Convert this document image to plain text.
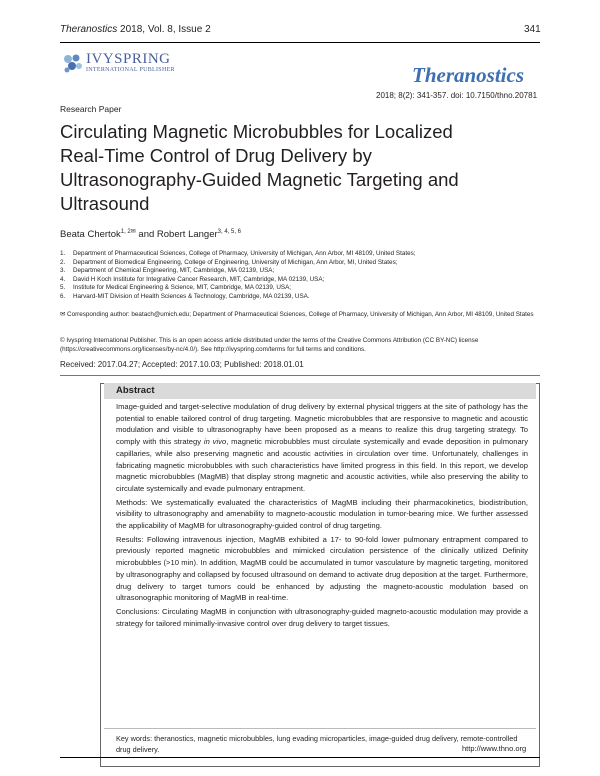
Theranostics 2018, Vol. 8, Issue 2	341
IVYSPRING
INTERNATIONAL PUBLISHER	Theranostics
2018; 8(2): 341-357. doi: 10.7150/thno.20781
Research Paper
Circulating Magnetic Microbubbles for Localized
Real-Time Control of Drug Delivery by
Ultrasonography-Guided Magnetic Targeting and
Ultrasound
Beata Chertok$^{1, 2✉}$ and Robert Langer$^{3, 4, 5, 6}$
1.	Department of Pharmaceutical Sciences, College of Pharmacy, University of Michigan, Ann Arbor, MI 48109, United States;
2.	Department of Biomedical Engineering, College of Engineering, University of Michigan, Ann Arbor, MI, United States;
3.	Department of Chemical Engineering, MIT, Cambridge, MA 02139, USA;
4.	David H Koch Institute for Integrative Cancer Research, MIT, Cambridge, MA 02139, USA;
5.	Institute for Medical Engineering & Science, MIT, Cambridge, MA 02139, USA;
6.	Harvard-MIT Division of Health Sciences & Technology, Cambridge, MA 02139, USA.
✉ Corresponding author: beatach@umich.edu; Department of Pharmaceutical Sciences, College of Pharmacy, University of Michigan, Ann Arbor, MI 48109, United States
© Ivyspring International Publisher. This is an open access article distributed under the terms of the Creative Commons Attribution (CC BY-NC) license (https://creativecommons.org/licenses/by-nc/4.0/). See http://ivyspring.com/terms for full terms and conditions.
Received: 2017.04.27; Accepted: 2017.10.03; Published: 2018.01.01
Abstract

Image-guided and target-selective modulation of drug delivery by external physical triggers at the site of pathology has the potential to enable tailored control of drug targeting. Magnetic microbubbles that are responsive to magnetic and acoustic modulation and visible to ultrasonography have been proposed as a means to realize this drug targeting strategy. To comply with this strategy in vivo, magnetic microbubbles must circulate systemically and evade deposition in pulmonary capillaries, while also preserving magnetic and acoustic activities in circulation over time. Unfortunately, challenges in fabricating magnetic microbubbles with such characteristics have limited progress in this field. In this report, we develop magnetic microbubbles (MagMB) that display strong magnetic and acoustic activities, while also preserving the ability to circulate systemically and evade pulmonary entrapment.

Methods: We systematically evaluated the characteristics of MagMB including their pharmacokinetics, biodistribution, visibility to ultrasonography and amenability to magneto-acoustic modulation in tumor-bearing mice. We further assessed the applicability of MagMB for ultrasonography-guided control of drug targeting.

Results: Following intravenous injection, MagMB exhibited a 17- to 90-fold lower pulmonary entrapment compared to previously reported magnetic microbubbles and mimicked circulation persistence of the clinically utilized Definity microbubbles (>10 min). In addition, MagMB could be accumulated in tumor vasculature by magnetic targeting, monitored by ultrasonography and collapsed by focused ultrasound on demand to activate drug deposition at the target. Furthermore, drug delivery to target tumors could be enhanced by adjusting the magneto-acoustic modulation based on ultrasonographic monitoring of MagMB in real-time.

Conclusions: Circulating MagMB in conjunction with ultrasonography-guided magneto-acoustic modulation may provide a strategy for tailored minimally-invasive control over drug delivery to target tissues.

Key words: theranostics, magnetic microbubbles, lung evading microparticles, image-guided drug delivery, remote-controlled drug delivery.	http://www.thno.org
